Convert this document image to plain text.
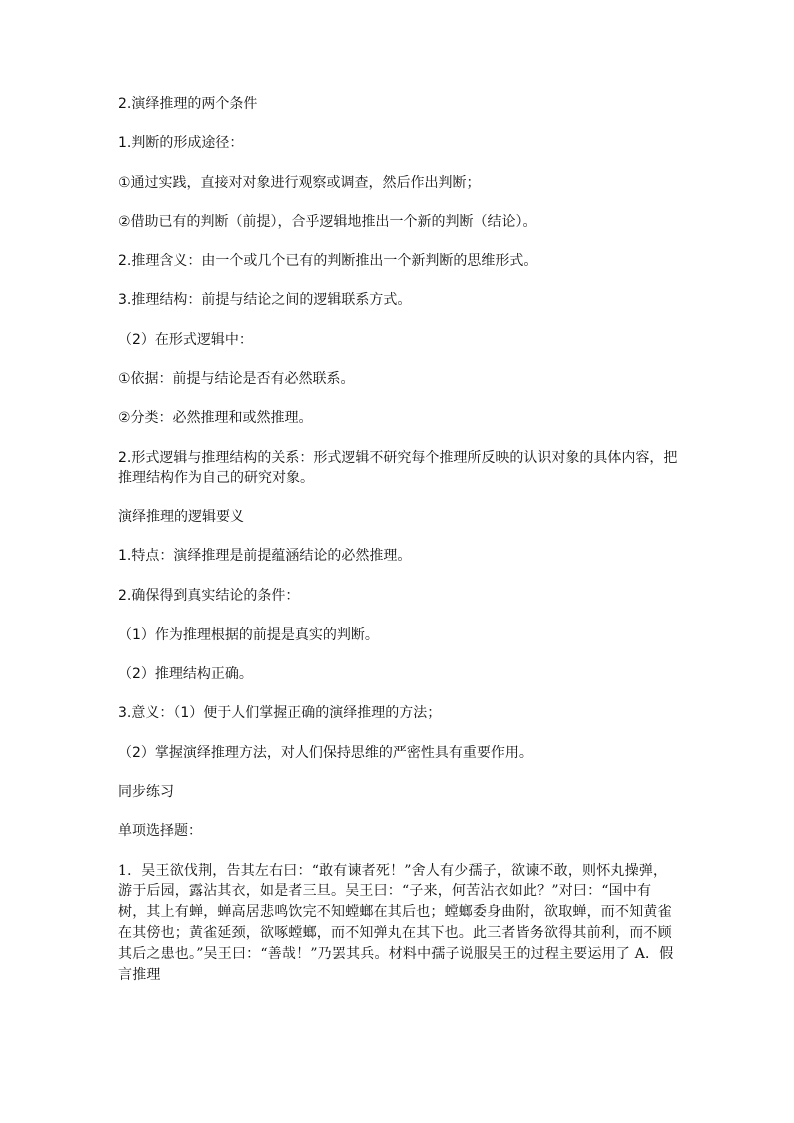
2.演绎推理的两个条件

1.判断的形成途径：

①通过实践，直接对对象进行观察或调查，然后作出判断；

②借助已有的判断（前提），合乎逻辑地推出一个新的判断（结论）。

2.推理含义：由一个或几个已有的判断推出一个新判断的思维形式。

3.推理结构：前提与结论之间的逻辑联系方式。

（2）在形式逻辑中：

①依据：前提与结论是否有必然联系。

②分类：必然推理和或然推理。

2.形式逻辑与推理结构的关系：形式逻辑不研究每个推理所反映的认识对象的具体内容，把推理结构作为自己的研究对象。

演绎推理的逻辑要义

1.特点：演绎推理是前提蕴涵结论的必然推理。

2.确保得到真实结论的条件：

（1）作为推理根据的前提是真实的判断。

（2）推理结构正确。

3.意义：（1）便于人们掌握正确的演绎推理的方法；

（2）掌握演绎推理方法，对人们保持思维的严密性具有重要作用。

同步练习

单项选择题：

1．吴王欲伐荆，告其左右曰：“敢有谏者死！”舍人有少孺子，欲谏不敢，则怀丸操弹，游于后园，露沾其衣，如是者三旦。吴王曰：“子来，何苦沾衣如此？”对曰：“国中有树，其上有蝉，蝉高居悲鸣饮完不知螳螂在其后也；螳螂委身曲附，欲取蝉，而不知黄雀在其傍也；黄雀延颈，欲啄螳螂，而不知弹丸在其下也。此三者皆务欲得其前利，而不顾其后之患也。”吴王曰：“善哉！”乃罢其兵。材料中孺子说服吴王的过程主要运用了 A．假言推理
